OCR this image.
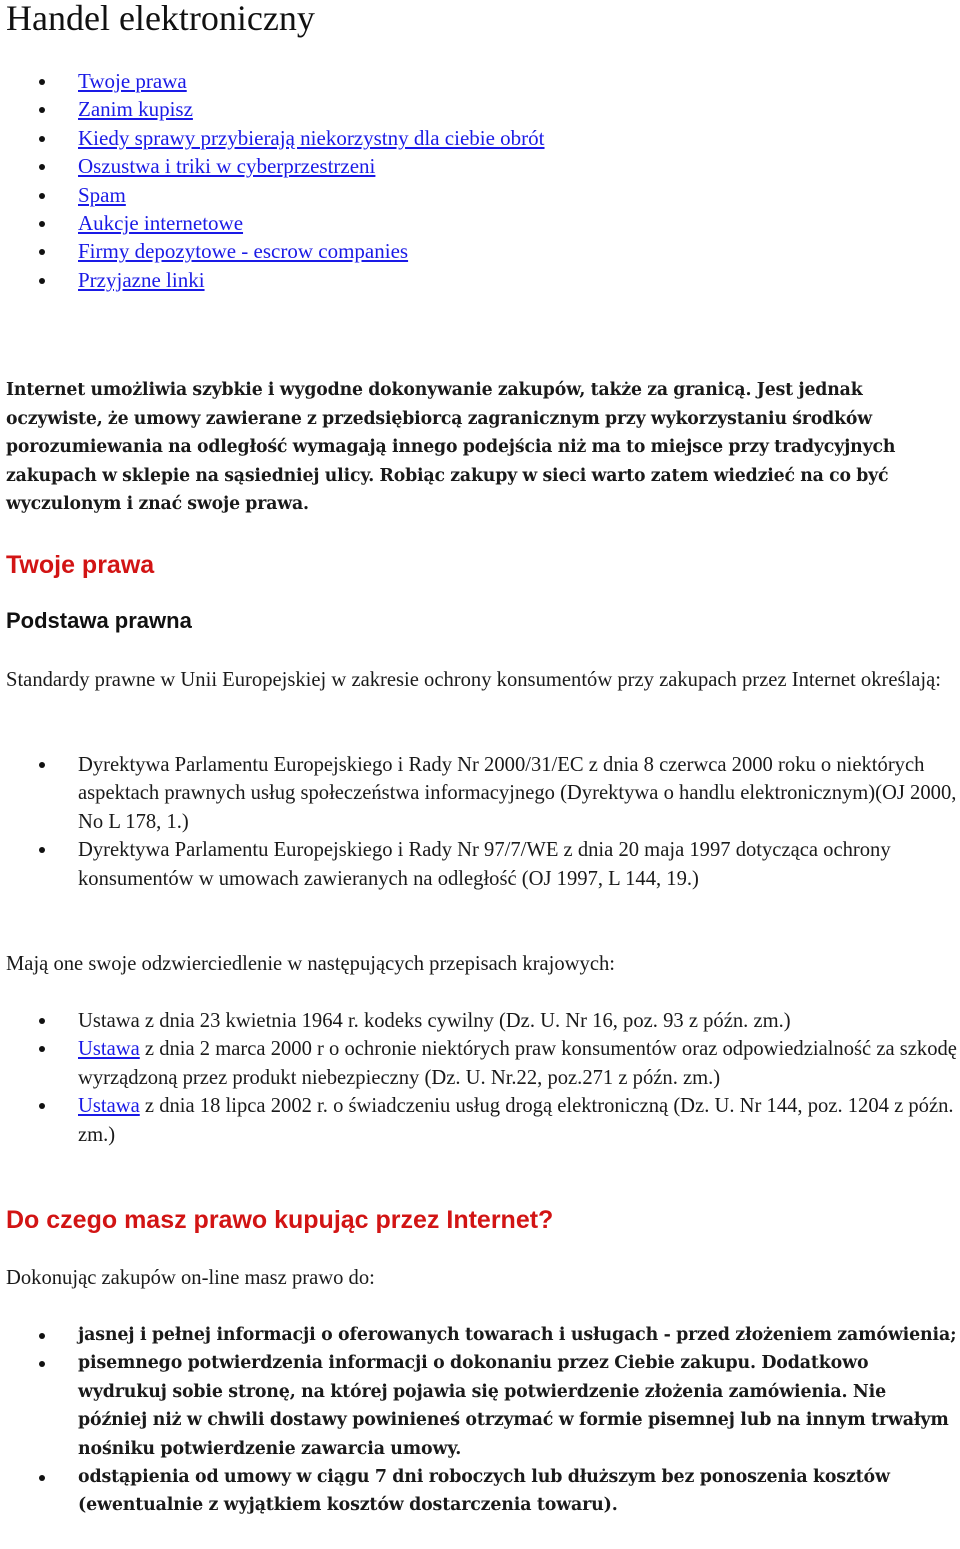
Handel elektroniczny
Twoje prawa
Zanim kupisz
Kiedy sprawy przybierają niekorzystny dla ciebie obrót
Oszustwa i triki w cyberprzestrzeni
Spam
Aukcje internetowe
Firmy depozytowe - escrow companies
Przyjazne linki

Internet umożliwia szybkie i wygodne dokonywanie zakupów, także za granicą. Jest jednak oczywiste, że umowy zawierane z przedsiębiorcą zagranicznym przy wykorzystaniu środków porozumiewania na odległość wymagają innego podejścia niż ma to miejsce przy tradycyjnych zakupach w sklepie na sąsiedniej ulicy. Robiąc zakupy w sieci warto zatem wiedzieć na co być wyczulonym i znać swoje prawa.

Twoje prawa
Podstawa prawna

Standardy prawne w Unii Europejskiej w zakresie ochrony konsumentów przy zakupach przez Internet określają:

Dyrektywa Parlamentu Europejskiego i Rady Nr 2000/31/EC z dnia 8 czerwca 2000 roku o niektórych aspektach prawnych usług społeczeństwa informacyjnego (Dyrektywa o handlu elektronicznym)(OJ 2000, No L 178, 1.)
Dyrektywa Parlamentu Europejskiego i Rady Nr 97/7/WE z dnia 20 maja 1997 dotycząca ochrony konsumentów w umowach zawieranych na odległość (OJ 1997, L 144, 19.)

Mają one swoje odzwierciedlenie w następujących przepisach krajowych:

Ustawa z dnia 23 kwietnia 1964 r. kodeks cywilny (Dz. U. Nr 16, poz. 93 z późn. zm.)
Ustawa z dnia 2 marca 2000 r o ochronie niektórych praw konsumentów oraz odpowiedzialność za szkodę wyrządzoną przez produkt niebezpieczny (Dz. U. Nr.22, poz.271 z późn. zm.)
Ustawa z dnia 18 lipca 2002 r. o świadczeniu usług drogą elektroniczną (Dz. U. Nr 144, poz. 1204 z późn. zm.)
Do czego masz prawo kupując przez Internet?

Dokonując zakupów on-line masz prawo do:

jasnej i pełnej informacji o oferowanych towarach i usługach - przed złożeniem zamówienia;
pisemnego potwierdzenia informacji o dokonaniu przez Ciebie zakupu. Dodatkowo wydrukuj sobie stronę, na której pojawia się potwierdzenie złożenia zamówienia. Nie później niż w chwili dostawy powinieneś otrzymać w formie pisemnej lub na innym trwałym nośniku potwierdzenie zawarcia umowy.
odstąpienia od umowy w ciągu 7 dni roboczych lub dłuższym bez ponoszenia kosztów (ewentualnie z wyjątkiem kosztów dostarczenia towaru).
